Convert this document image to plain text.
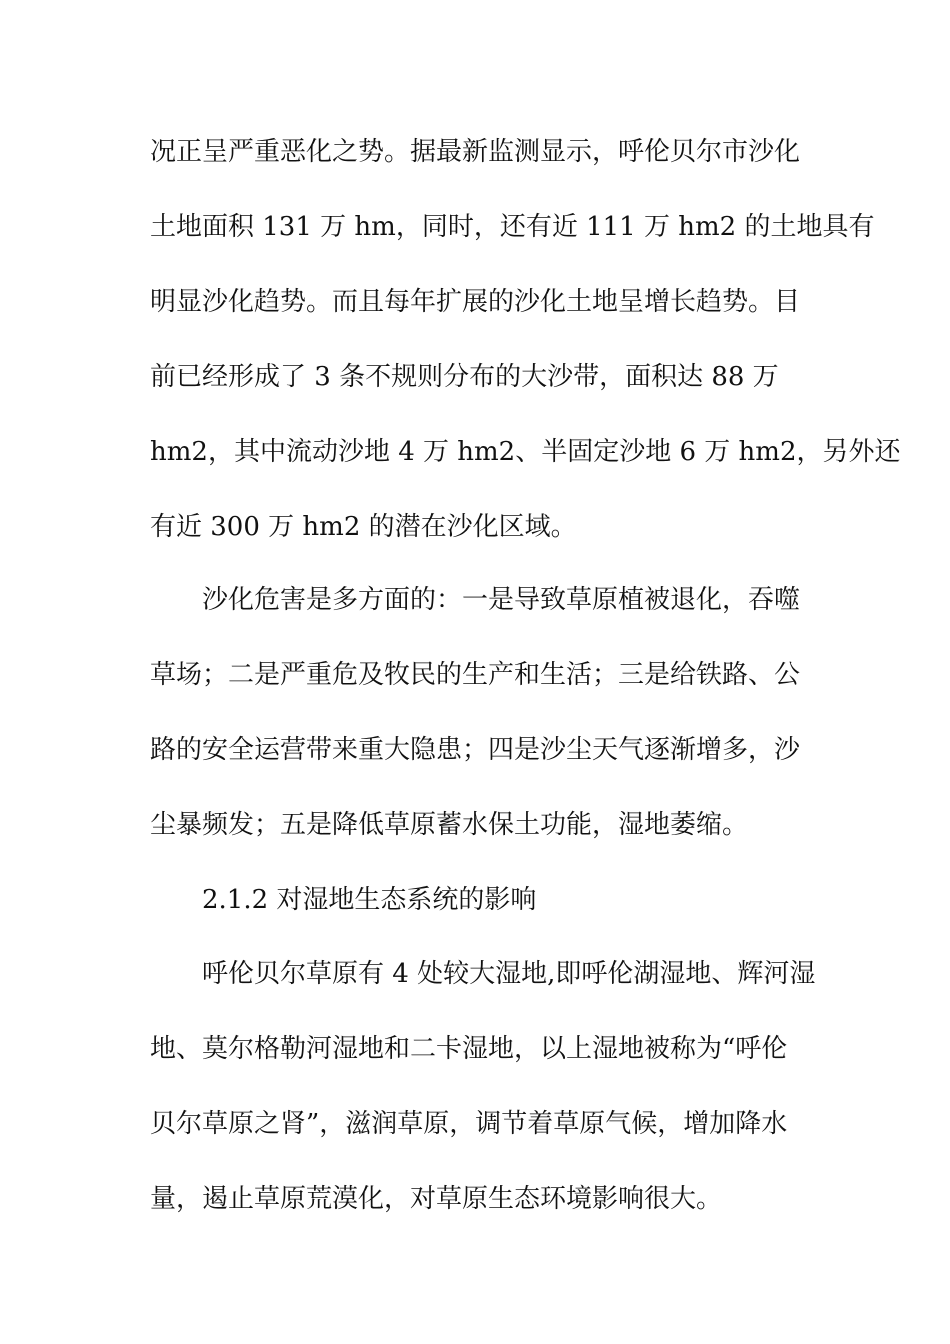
况正呈严重恶化之势。据最新监测显示，呼伦贝尔市沙化
土地面积 131 万 hm，同时，还有近 111 万 hm2 的土地具有
明显沙化趋势。而且每年扩展的沙化土地呈增长趋势。目
前已经形成了 3 条不规则分布的大沙带，面积达 88 万
hm2，其中流动沙地 4 万 hm2、半固定沙地 6 万 hm2，另外还
有近 300 万 hm2 的潜在沙化区域。
沙化危害是多方面的：一是导致草原植被退化，吞噬
草场；二是严重危及牧民的生产和生活；三是给铁路、公
路的安全运营带来重大隐患；四是沙尘天气逐渐增多，沙
尘暴频发；五是降低草原蓄水保土功能，湿地萎缩。
2.1.2 对湿地生态系统的影响
呼伦贝尔草原有 4 处较大湿地,即呼伦湖湿地、辉河湿
地、莫尔格勒河湿地和二卡湿地，以上湿地被称为“呼伦
贝尔草原之肾”，滋润草原，调节着草原气候，增加降水
量，遏止草原荒漠化，对草原生态环境影响很大。
